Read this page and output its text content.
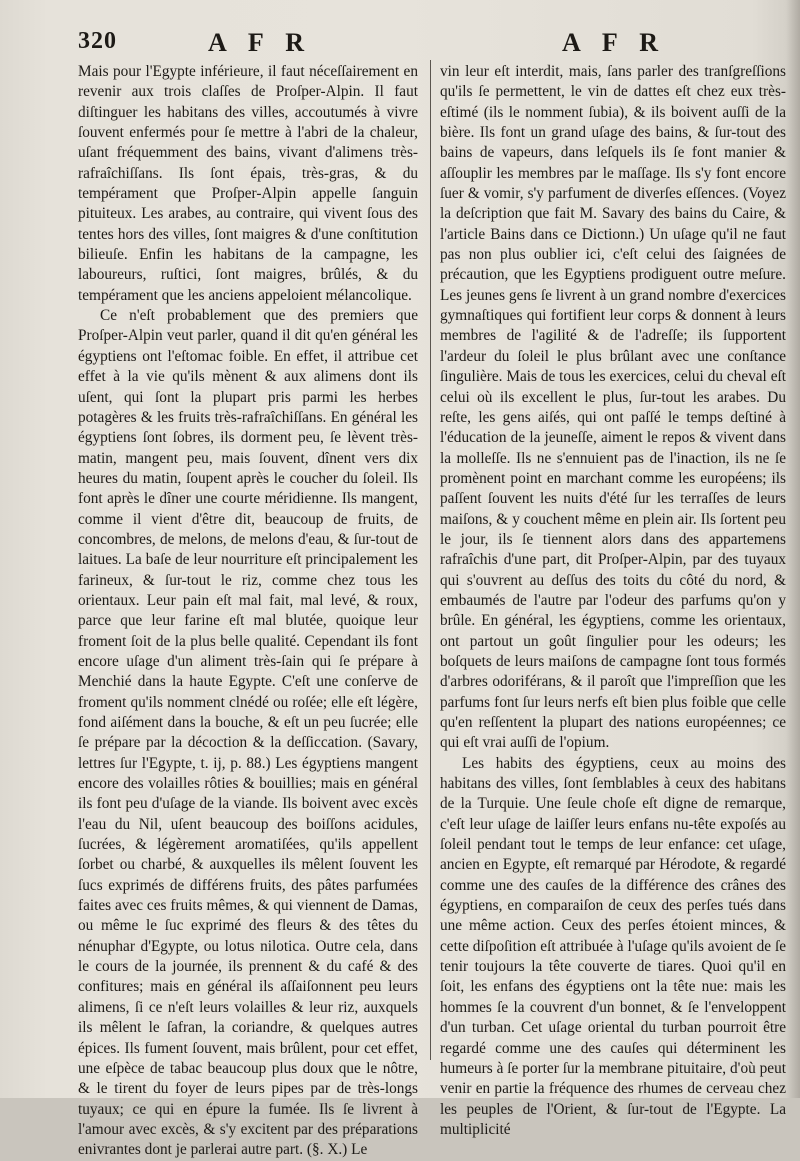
320	A F R	A F R

Mais pour l'Egypte inférieure, il faut néceſſairement en revenir aux trois claſſes de Proſper-Alpin. Il faut diſtinguer les habitans des villes, accoutumés à vivre ſouvent enfermés pour ſe mettre à l'abri de la chaleur, uſant fréquemment des bains, vivant d'alimens très-rafraîchiſſans. Ils ſont épais, très-gras, & du tempérament que Proſper-Alpin appelle ſanguin pituiteux. Les arabes, au contraire, qui vivent ſous des tentes hors des villes, ſont maigres & d'une conſtitution bilieuſe. Enfin les habitans de la campagne, les laboureurs, ruſtici, ſont maigres, brûlés, & du tempérament que les anciens appeloient mélancolique.

Ce n'eſt probablement que des premiers que Proſper-Alpin veut parler, quand il dit qu'en général les égyptiens ont l'eſtomac foible. En effet, il attribue cet effet à la vie qu'ils mènent & aux alimens dont ils uſent, qui ſont la plupart pris parmi les herbes potagères & les fruits très-rafraîchiſſans. En général les égyptiens ſont ſobres, ils dorment peu, ſe lèvent très-matin, mangent peu, mais ſouvent, dînent vers dix heures du matin, ſoupent après le coucher du ſoleil. Ils font après le dîner une courte méridienne. Ils mangent, comme il vient d'être dit, beaucoup de fruits, de concombres, de melons, de melons d'eau, & ſur-tout de laitues. La baſe de leur nourriture eſt principalement les farineux, & ſur-tout le riz, comme chez tous les orientaux. Leur pain eſt mal fait, mal levé, & roux, parce que leur farine eſt mal blutée, quoique leur froment ſoit de la plus belle qualité. Cependant ils font encore uſage d'un aliment très-ſain qui ſe prépare à Menchié dans la haute Egypte. C'eſt une conſerve de froment qu'ils nomment clnédé ou roſée; elle eſt légère, fond aiſément dans la bouche, & eſt un peu ſucrée; elle ſe prépare par la décoction & la deſſiccation. (Savary, lettres ſur l'Egypte, t. ij, p. 88.) Les égyptiens mangent encore des volailles rôties & bouillies; mais en général ils font peu d'uſage de la viande. Ils boivent avec excès l'eau du Nil, uſent beaucoup des boiſſons acidules, ſucrées, & légèrement aromatiſées, qu'ils appellent ſorbet ou charbé, & auxquelles ils mêlent ſouvent les ſucs exprimés de différens fruits, des pâtes parfumées faites avec ces fruits mêmes, & qui viennent de Damas, ou même le ſuc exprimé des fleurs & des têtes du nénuphar d'Egypte, ou lotus nilotica. Outre cela, dans le cours de la journée, ils prennent & du café & des confitures; mais en général ils aſſaiſonnent peu leurs alimens, ſi ce n'eſt leurs volailles & leur riz, auxquels ils mêlent le ſafran, la coriandre, & quelques autres épices. Ils fument ſouvent, mais brûlent, pour cet effet, une eſpèce de tabac beaucoup plus doux que le nôtre, & le tirent du foyer de leurs pipes par de très-longs tuyaux; ce qui en épure la fumée. Ils ſe livrent à l'amour avec excès, & s'y excitent par des préparations enivrantes dont je parlerai autre part. (§. X.) Le

vin leur eſt interdit, mais, ſans parler des tranſgreſſions qu'ils ſe permettent, le vin de dattes eſt chez eux très-eſtimé (ils le nomment ſubia), & ils boivent auſſi de la bière. Ils font un grand uſage des bains, & ſur-tout des bains de vapeurs, dans leſquels ils ſe font manier & aſſouplir les membres par le maſſage. Ils s'y font encore ſuer & vomir, s'y parfument de diverſes eſſences. (Voyez la deſcription que fait M. Savary des bains du Caire, & l'article Bains dans ce Dictionn.) Un uſage qu'il ne faut pas non plus oublier ici, c'eſt celui des ſaignées de précaution, que les Egyptiens prodiguent outre meſure. Les jeunes gens ſe livrent à un grand nombre d'exercices gymnaſtiques qui fortifient leur corps & donnent à leurs membres de l'agilité & de l'adreſſe; ils ſupportent l'ardeur du ſoleil le plus brûlant avec une conſtance ſingulière. Mais de tous les exercices, celui du cheval eſt celui où ils excellent le plus, ſur-tout les arabes. Du reſte, les gens aiſés, qui ont paſſé le temps deſtiné à l'éducation de la jeuneſſe, aiment le repos & vivent dans la molleſſe. Ils ne s'ennuient pas de l'inaction, ils ne ſe promènent point en marchant comme les européens; ils paſſent ſouvent les nuits d'été ſur les terraſſes de leurs maiſons, & y couchent même en plein air. Ils ſortent peu le jour, ils ſe tiennent alors dans des appartemens rafraîchis d'une part, dit Proſper-Alpin, par des tuyaux qui s'ouvrent au deſſus des toits du côté du nord, & embaumés de l'autre par l'odeur des parfums qu'on y brûle. En général, les égyptiens, comme les orientaux, ont partout un goût ſingulier pour les odeurs; les boſquets de leurs maiſons de campagne ſont tous formés d'arbres odoriférans, & il paroît que l'impreſſion que les parfums font ſur leurs nerfs eſt bien plus foible que celle qu'en reſſentent la plupart des nations européennes; ce qui eſt vrai auſſi de l'opium.

Les habits des égyptiens, ceux au moins des habitans des villes, ſont ſemblables à ceux des habitans de la Turquie. Une ſeule choſe eſt digne de remarque, c'eſt leur uſage de laiſſer leurs enfans nu-tête expoſés au ſoleil pendant tout le temps de leur enfance: cet uſage, ancien en Egypte, eſt remarqué par Hérodote, & regardé comme une des cauſes de la différence des crânes des égyptiens, en comparaiſon de ceux des perſes tués dans une même action. Ceux des perſes étoient minces, & cette diſpoſition eſt attribuée à l'uſage qu'ils avoient de ſe tenir toujours la tête couverte de tiares. Quoi qu'il en ſoit, les enfans des égyptiens ont la tête nue: mais les hommes ſe la couvrent d'un bonnet, & ſe l'enveloppent d'un turban. Cet uſage oriental du turban pourroit être regardé comme une des cauſes qui déterminent les humeurs à ſe porter ſur la membrane pituitaire, d'où peut venir en partie la fréquence des rhumes de cerveau chez les peuples de l'Orient, & ſur-tout de l'Egypte. La multiplicité
